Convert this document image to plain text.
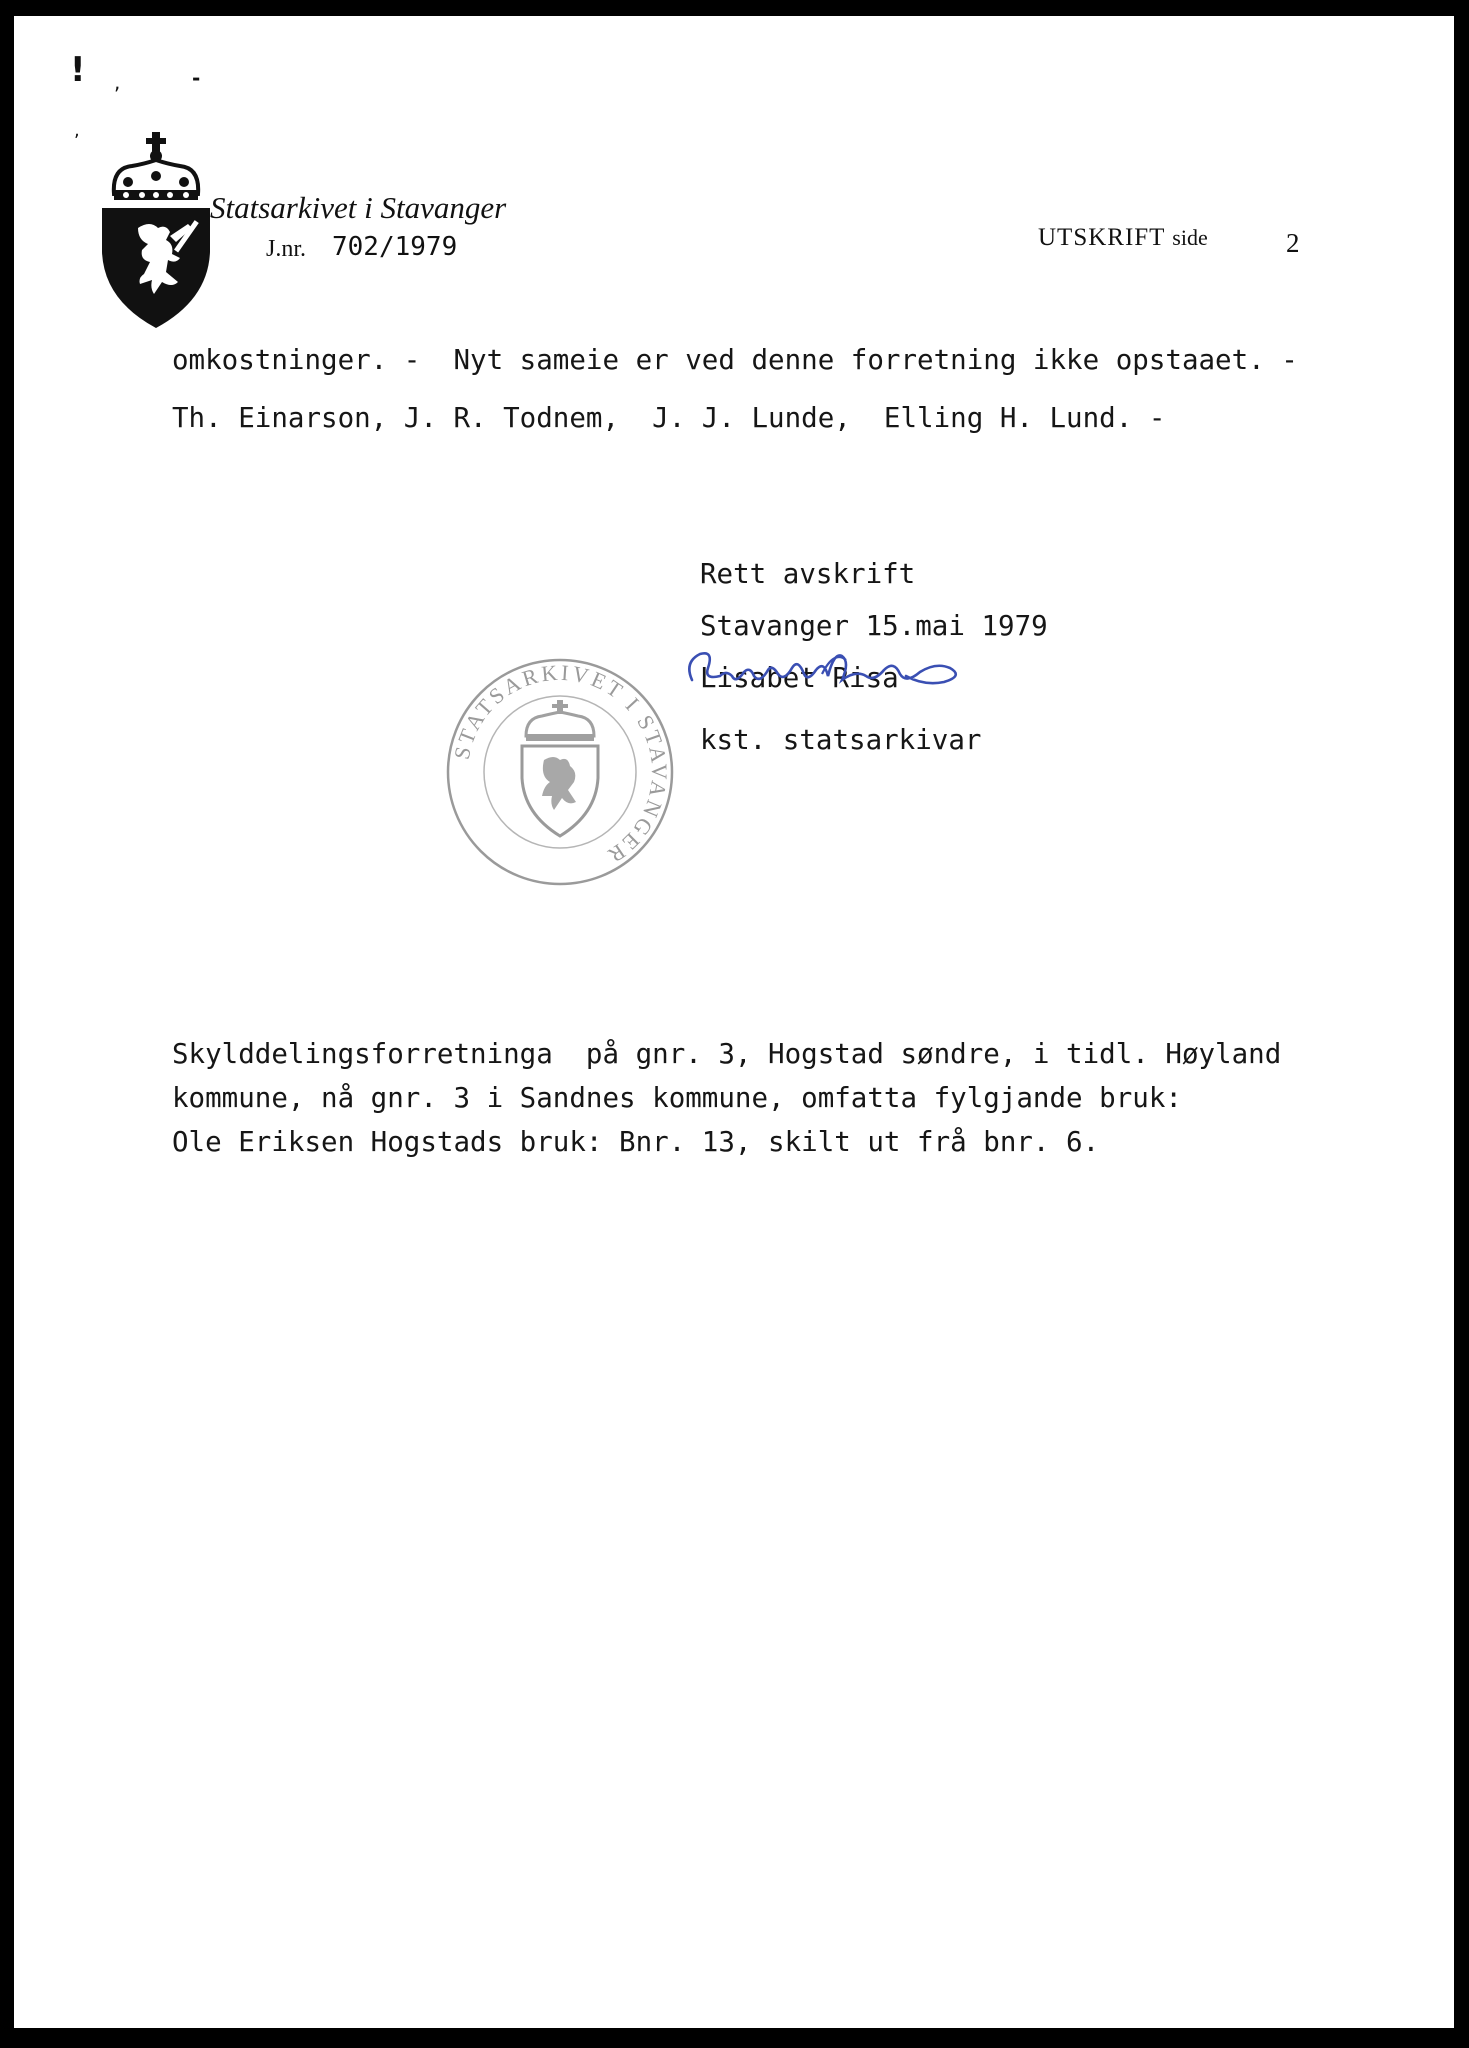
! ,	-
,
Statsarkivet i Stavanger
J.nr. 702/1979	UTSKRIFT side	2
omkostninger. -  Nyt sameie er ved denne forretning ikke opstaaet. -
Th. Einarson, J. R. Todnem,  J. J. Lunde,  Elling H. Lund. -
Rett avskrift
Stavanger 15.mai 1979
Lisabet Risa
kst. statsarkivar
STATSARKIVET I STAVANGER
Skylddelingsforretninga  på gnr. 3, Hogstad søndre, i tidl. Høyland
kommune, nå gnr. 3 i Sandnes kommune, omfatta fylgjande bruk:
Ole Eriksen Hogstads bruk: Bnr. 13, skilt ut frå bnr. 6.
